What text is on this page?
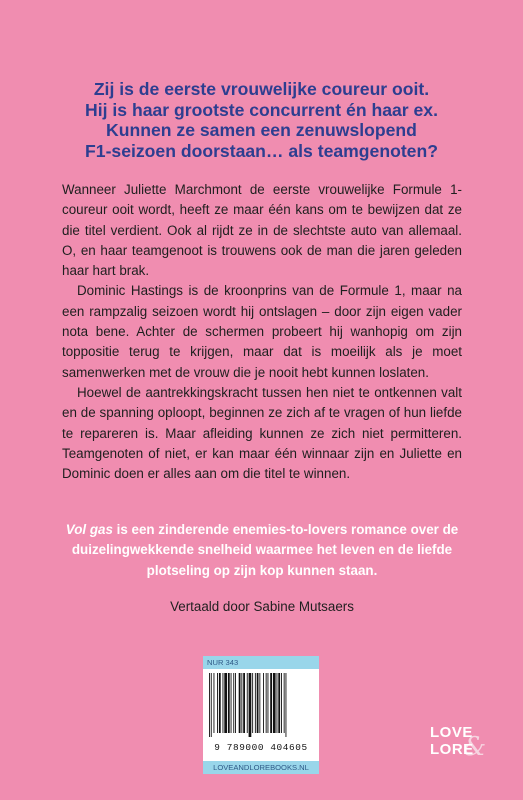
Zij is de eerste vrouwelijke coureur ooit.
Hij is haar grootste concurrent én haar ex.
Kunnen ze samen een zenuwslopend
F1-seizoen doorstaan… als teamgenoten?

Wanneer Juliette Marchmont de eerste vrouwelijke Formule 1-coureur ooit wordt, heeft ze maar één kans om te bewijzen dat ze die titel verdient. Ook al rijdt ze in de slechtste auto van allemaal. O, en haar teamgenoot is trouwens ook de man die jaren geleden haar hart brak.

Dominic Hastings is de kroonprins van de Formule 1, maar na een rampzalig seizoen wordt hij ontslagen – door zijn eigen vader nota bene. Achter de schermen probeert hij wanhopig om zijn toppositie terug te krijgen, maar dat is moeilijk als je moet samenwerken met de vrouw die je nooit hebt kunnen loslaten.

Hoewel de aantrekkingskracht tussen hen niet te ontkennen valt en de spanning oploopt, beginnen ze zich af te vragen of hun liefde te repareren is. Maar afleiding kunnen ze zich niet permitteren. Teamgenoten of niet, er kan maar één winnaar zijn en Juliette en Dominic doen er alles aan om die titel te winnen.

Vol gas is een zinderende enemies-to-lovers romance over de duizelingwekkende snelheid waarmee het leven en de liefde plotseling op zijn kop kunnen staan.
Vertaald door Sabine Mutsaers
NUR 343
9 789000 404605
LOVEANDLOREBOOKS.NL
LOVE
&
LORE
